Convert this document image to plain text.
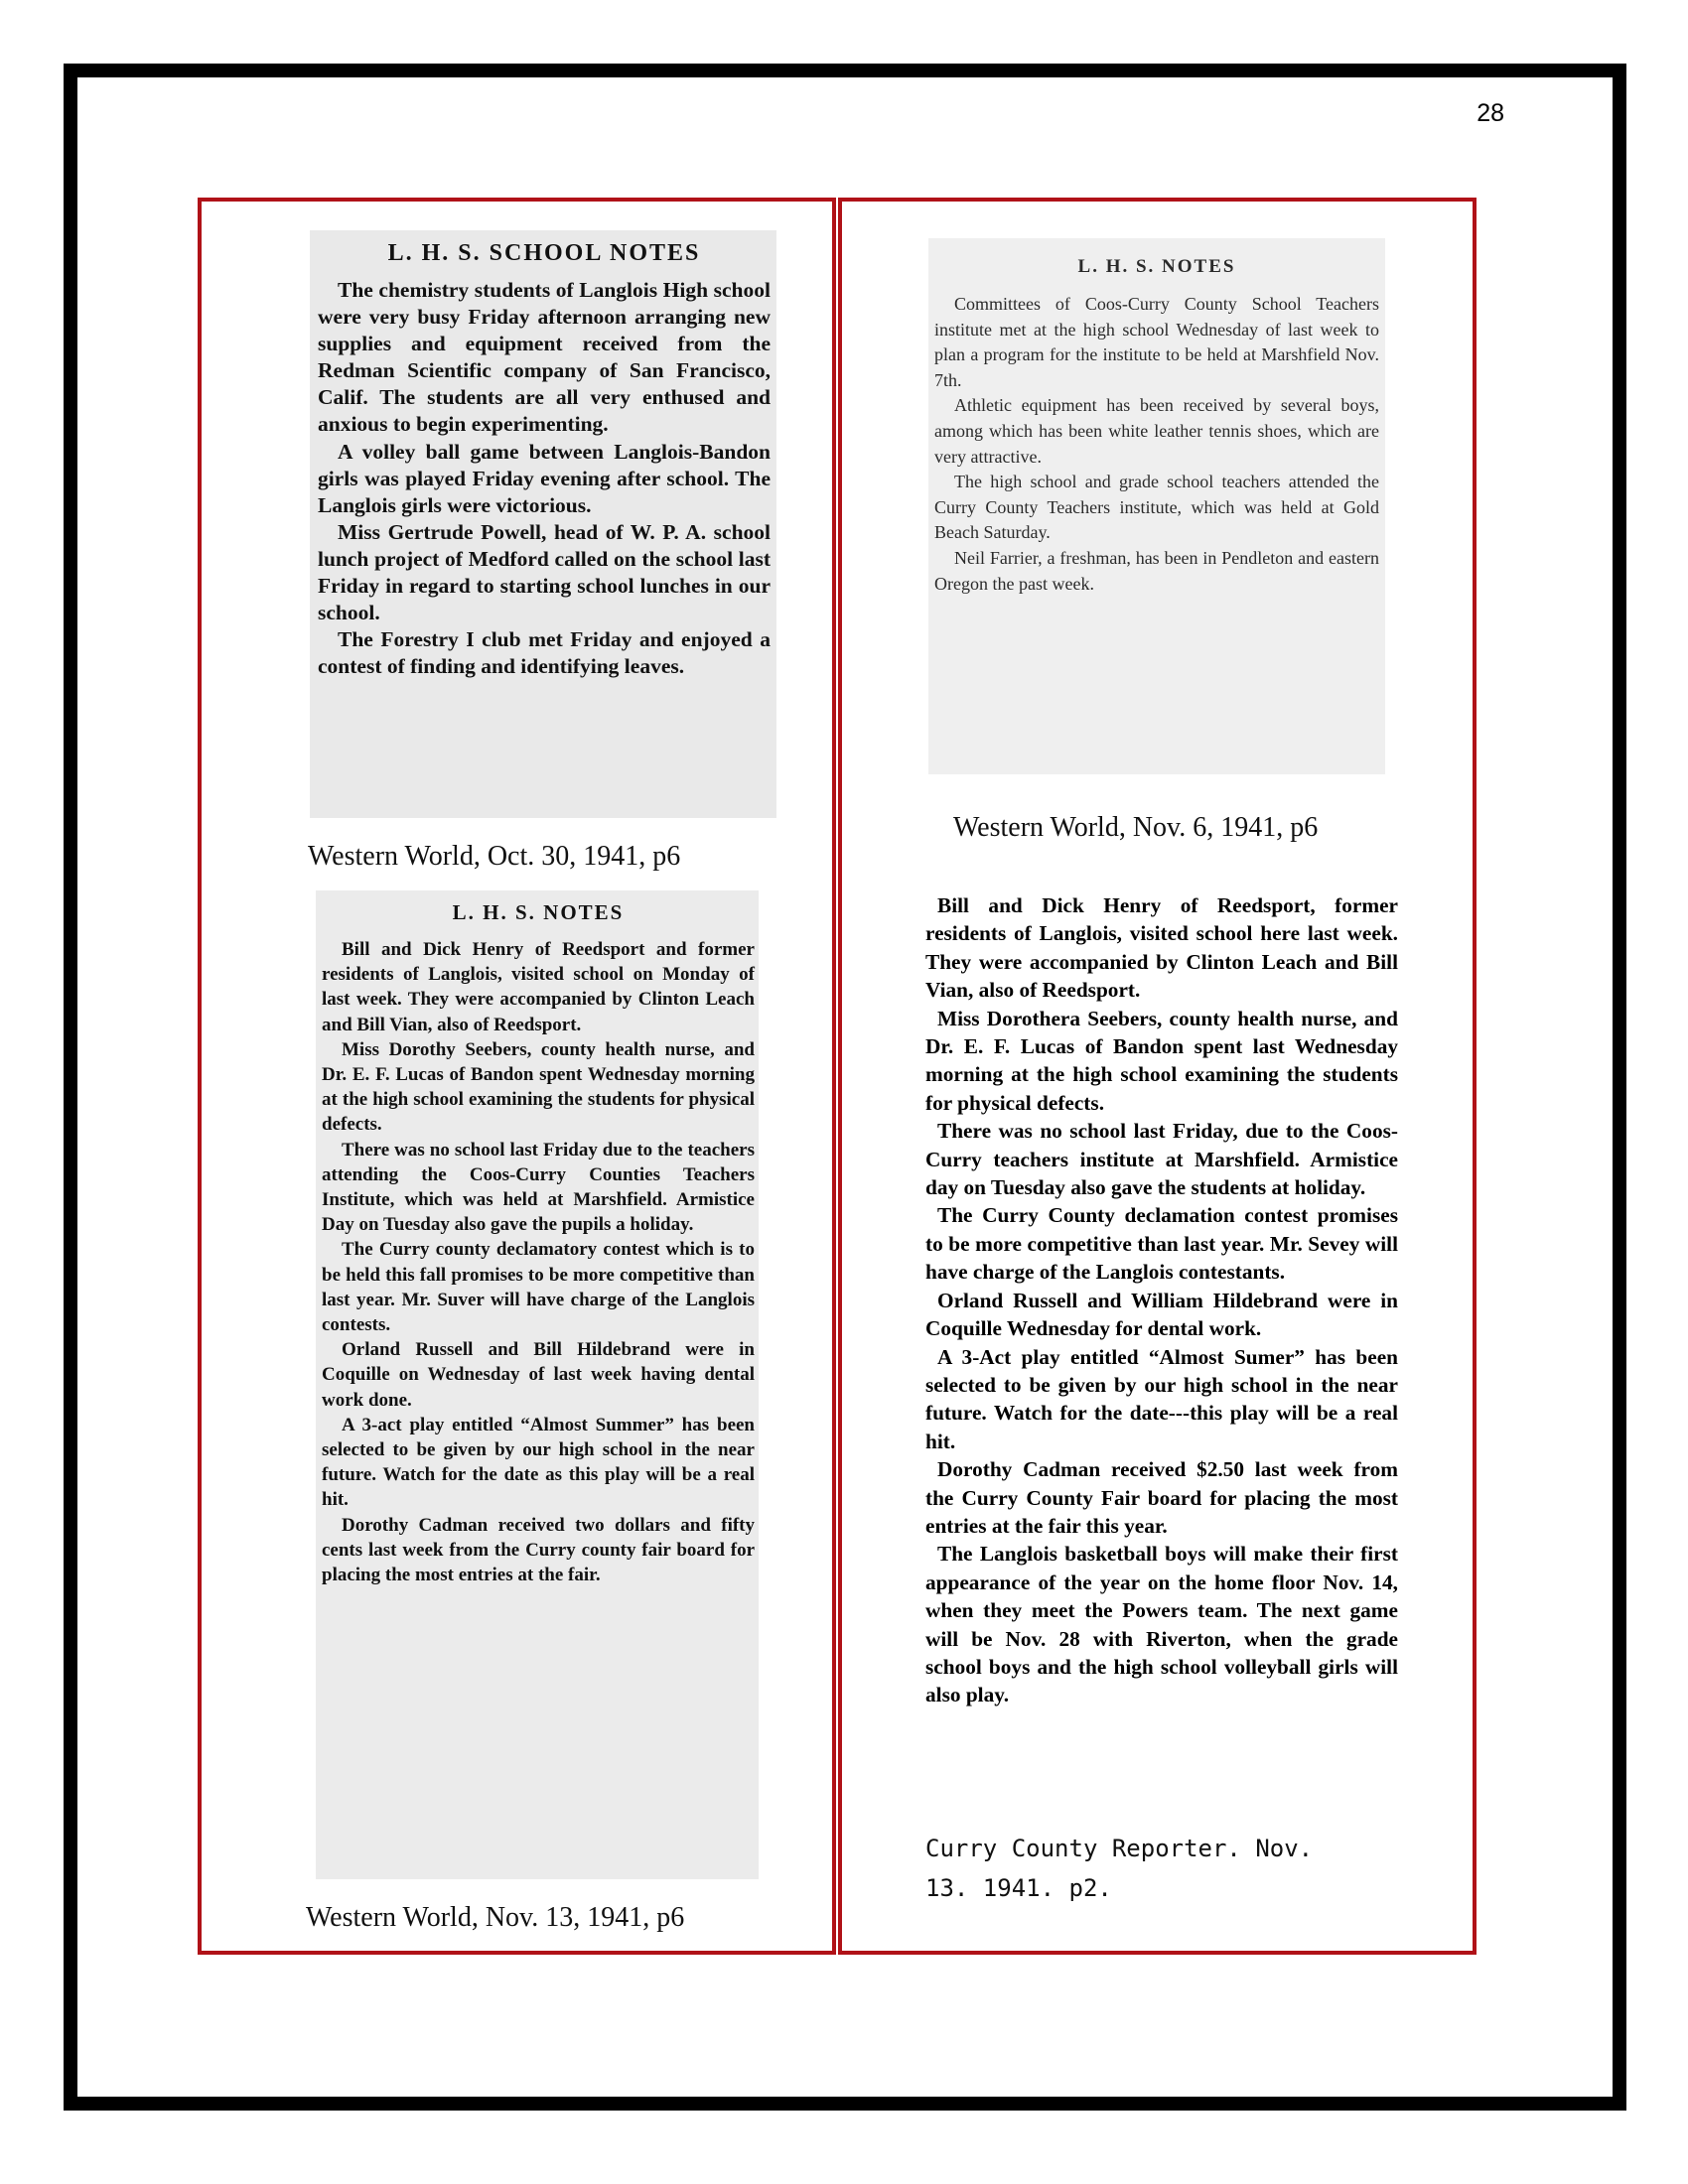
28
L. H. S. SCHOOL NOTES

The chemistry students of Langlois High school were very busy Friday afternoon arranging new supplies and equipment received from the Redman Scientific company of San Francisco, Calif. The students are all very enthused and anxious to begin experimenting.

A volley ball game between Langlois-Bandon girls was played Friday evening after school. The Langlois girls were victorious.

Miss Gertrude Powell, head of W. P. A. school lunch project of Medford called on the school last Friday in regard to starting school lunches in our school.

The Forestry I club met Friday and enjoyed a contest of finding and identifying leaves.

Western World, Oct. 30, 1941, p6
L. H. S. NOTES

Committees of Coos-Curry County School Teachers institute met at the high school Wednesday of last week to plan a program for the institute to be held at Marshfield Nov. 7th.

Athletic equipment has been received by several boys, among which has been white leather tennis shoes, which are very attractive.

The high school and grade school teachers attended the Curry County Teachers institute, which was held at Gold Beach Saturday.

Neil Farrier, a freshman, has been in Pendleton and eastern Oregon the past week.

Western World, Nov. 6, 1941, p6
L. H. S. NOTES

Bill and Dick Henry of Reedsport and former residents of Langlois, visited school on Monday of last week. They were accompanied by Clinton Leach and Bill Vian, also of Reedsport.

Miss Dorothy Seebers, county health nurse, and Dr. E. F. Lucas of Bandon spent Wednesday morning at the high school examining the students for physical defects.

There was no school last Friday due to the teachers attending the Coos-Curry Counties Teachers Institute, which was held at Marshfield. Armistice Day on Tuesday also gave the pupils a holiday.

The Curry county declamatory contest which is to be held this fall promises to be more competitive than last year. Mr. Suver will have charge of the Langlois contests.

Orland Russell and Bill Hildebrand were in Coquille on Wednesday of last week having dental work done.

A 3-act play entitled “Almost Summer” has been selected to be given by our high school in the near future. Watch for the date as this play will be a real hit.

Dorothy Cadman received two dollars and fifty cents last week from the Curry county fair board for placing the most entries at the fair.

Western World, Nov. 13, 1941, p6

Bill and Dick Henry of Reedsport, former residents of Langlois, visited school here last week. They were accompanied by Clinton Leach and Bill Vian, also of Reedsport.

Miss Dorothera Seebers, county health nurse, and Dr. E. F. Lucas of Bandon spent last Wednesday morning at the high school examining the students for physical defects.

There was no school last Friday, due to the Coos-Curry teachers institute at Marshfield. Armistice day on Tuesday also gave the students at holiday.

The Curry County declamation contest promises to be more competitive than last year. Mr. Sevey will have charge of the Langlois contestants.

Orland Russell and William Hildebrand were in Coquille Wednesday for dental work.

A 3-Act play entitled “Almost Sumer” has been selected to be given by our high school in the near future. Watch for the date---this play will be a real hit.

Dorothy Cadman received $2.50 last week from the Curry County Fair board for placing the most entries at the fair this year.

The Langlois basketball boys will make their first appearance of the year on the home floor Nov. 14, when they meet the Powers team. The next game will be Nov. 28 with Riverton, when the grade school boys and the high school volleyball girls will also play.

Curry County Reporter. Nov. 13. 1941. p2.
